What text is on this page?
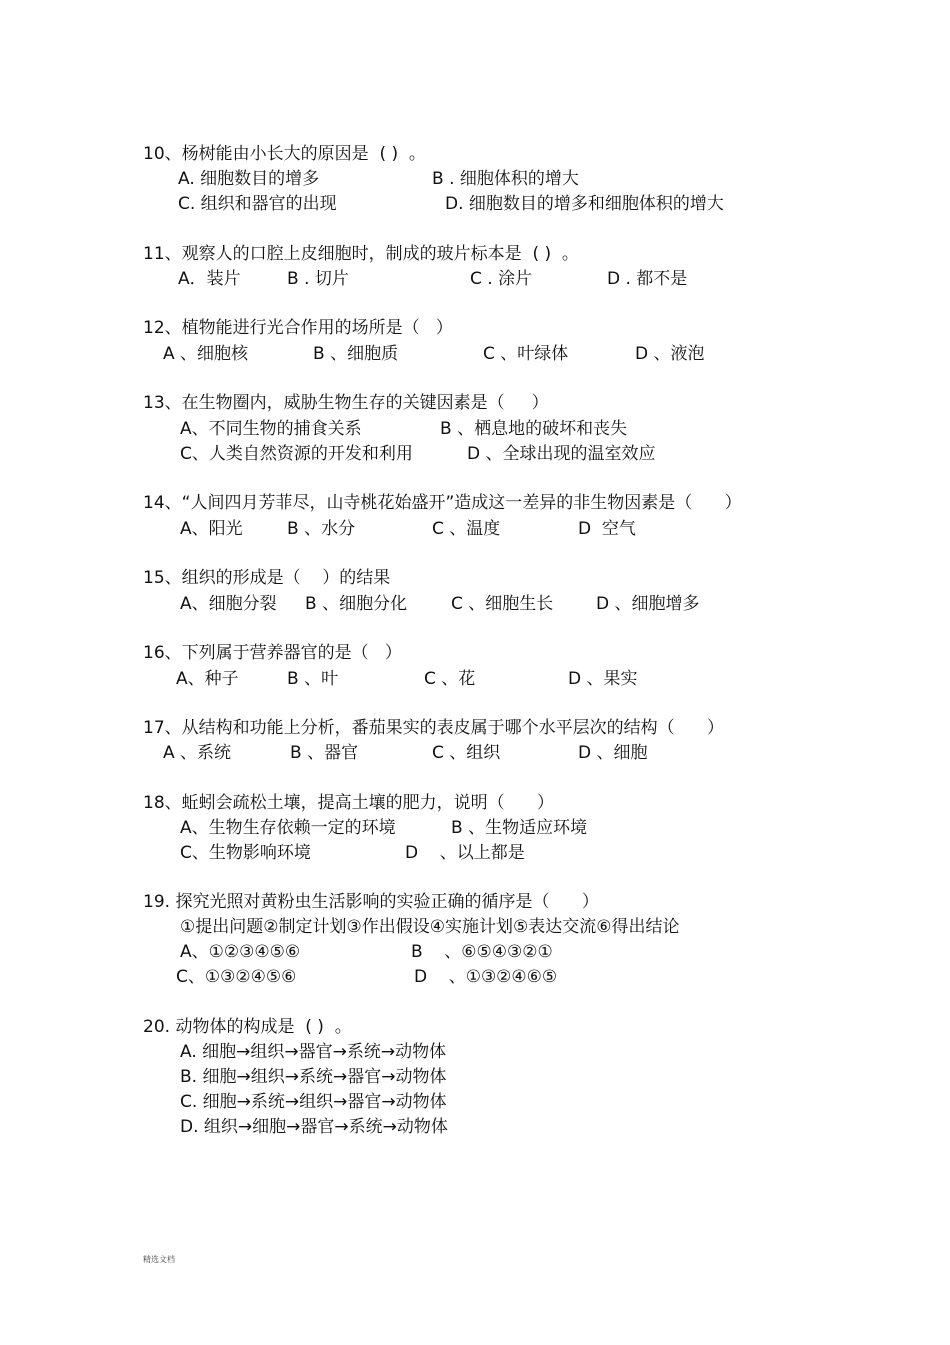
10、杨树能由小长大的原因是  ( )  。
A. 细胞数目的增多	B . 细胞体积的增大
C. 组织和器官的出现	D. 细胞数目的增多和细胞体积的增大
11、观察人的口腔上皮细胞时，制成的玻片标本是  ( )  。
A．装片	B . 切片	C . 涂片	D . 都不是
12、植物能进行光合作用的场所是（   ）
A 、细胞核	B 、细胞质	C 、叶绿体	D 、液泡
13、在生物圈内，威胁生物生存的关键因素是（     ）
A、不同生物的捕食关系	B 、栖息地的破坏和丧失
C、人类自然资源的开发和利用	D 、全球出现的温室效应
14、“人间四月芳菲尽，山寺桃花始盛开”造成这一差异的非生物因素是（      ）
A、阳光	B 、水分	C 、温度	D  空气
15、组织的形成是（    ）的结果
A、细胞分裂 B 、细胞分化	C 、细胞生长	D 、细胞增多
16、下列属于营养器官的是（   ）
A、种子	B 、叶	C 、花	D 、果实
17、从结构和功能上分析，番茄果实的表皮属于哪个水平层次的结构（      ）
A 、系统	B 、器官	C 、组织	D 、细胞
18、蚯蚓会疏松土壤，提高土壤的肥力，说明（      ）
A、生物生存依赖一定的环境	B 、生物适应环境
C、生物影响环境	D    、以上都是
19. 探究光照对黄粉虫生活影响的实验正确的循序是（      ）
①提出问题②制定计划③作出假设④实施计划⑤表达交流⑥得出结论
A、①②③④⑤⑥	B    、⑥⑤④③②①
C、①③②④⑤⑥	D    、①③②④⑥⑤
20. 动物体的构成是  ( )  。
A. 细胞→组织→器官→系统→动物体
B. 细胞→组织→系统→器官→动物体
C. 细胞→系统→组织→器官→动物体
D. 组织→细胞→器官→系统→动物体
精选文档
